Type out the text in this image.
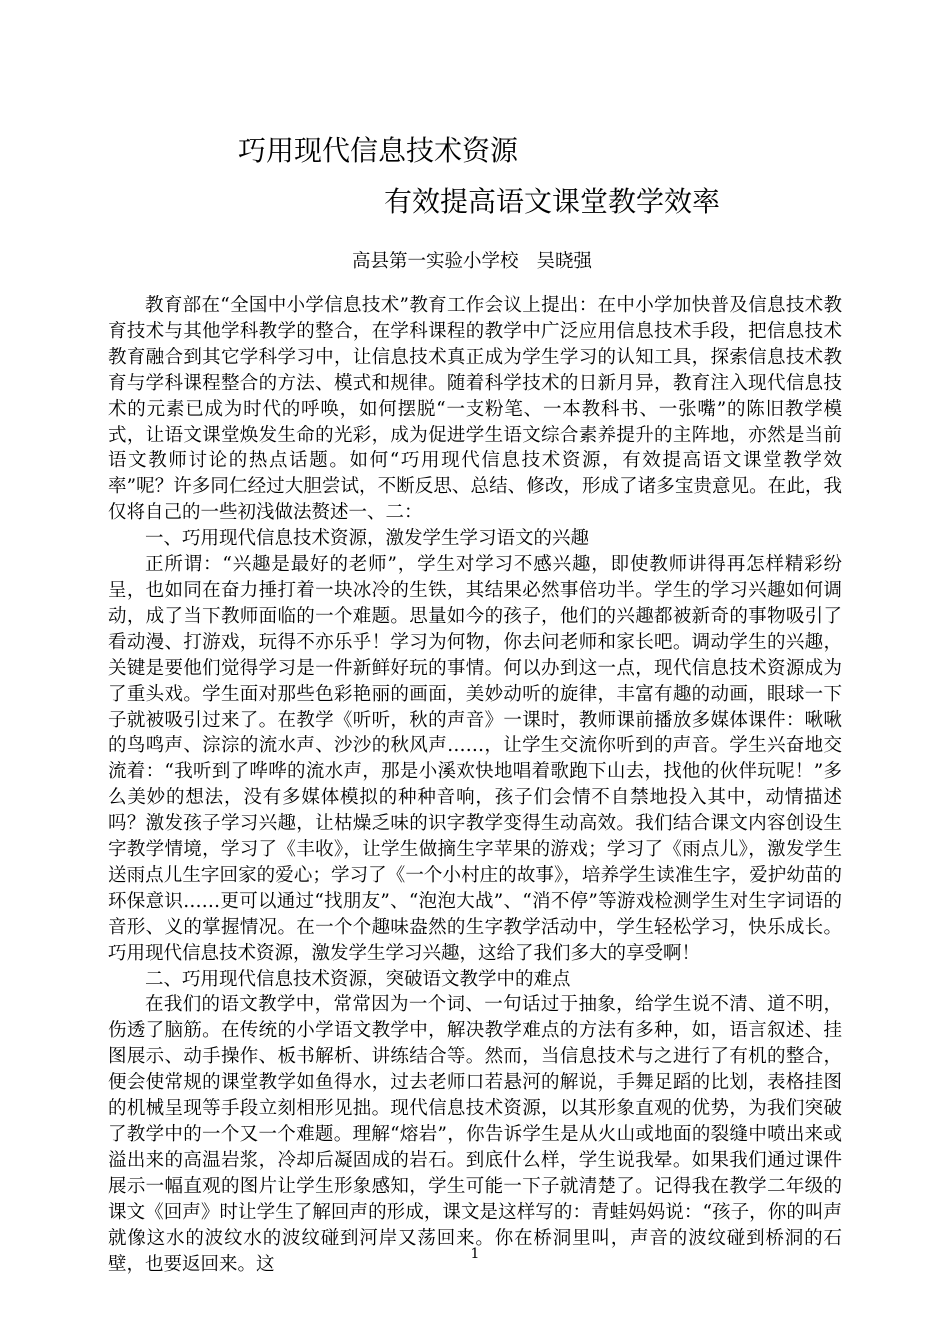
巧用现代信息技术资源
有效提高语文课堂教学效率
高县第一实验小学校 吴晓强

教育部在“全国中小学信息技术”教育工作会议上提出：在中小学加快普及信息技术教育技术与其他学科教学的整合，在学科课程的教学中广泛应用信息技术手段，把信息技术教育融合到其它学科学习中，让信息技术真正成为学生学习的认知工具，探索信息技术教育与学科课程整合的方法、模式和规律。随着科学技术的日新月异，教育注入现代信息技术的元素已成为时代的呼唤，如何摆脱“一支粉笔、一本教科书、一张嘴”的陈旧教学模式，让语文课堂焕发生命的光彩，成为促进学生语文综合素养提升的主阵地，亦然是当前语文教师讨论的热点话题。如何“巧用现代信息技术资源，有效提高语文课堂教学效率”呢？许多同仁经过大胆尝试，不断反思、总结、修改，形成了诸多宝贵意见。在此，我仅将自己的一些初浅做法赘述一、二：

一、巧用现代信息技术资源，激发学生学习语文的兴趣

正所谓：“兴趣是最好的老师”，学生对学习不感兴趣，即使教师讲得再怎样精彩纷呈，也如同在奋力捶打着一块冰冷的生铁，其结果必然事倍功半。学生的学习兴趣如何调动，成了当下教师面临的一个难题。思量如今的孩子，他们的兴趣都被新奇的事物吸引了看动漫、打游戏，玩得不亦乐乎！学习为何物，你去问老师和家长吧。调动学生的兴趣，关键是要他们觉得学习是一件新鲜好玩的事情。何以办到这一点，现代信息技术资源成为了重头戏。学生面对那些色彩艳丽的画面，美妙动听的旋律，丰富有趣的动画，眼球一下子就被吸引过来了。在教学《听听，秋的声音》一课时，教师课前播放多媒体课件：啾啾的鸟鸣声、淙淙的流水声、沙沙的秋风声……，让学生交流你听到的声音。学生兴奋地交流着：“我听到了哗哗的流水声，那是小溪欢快地唱着歌跑下山去，找他的伙伴玩呢！”多么美妙的想法，没有多媒体模拟的种种音响，孩子们会情不自禁地投入其中，动情描述吗？激发孩子学习兴趣，让枯燥乏味的识字教学变得生动高效。我们结合课文内容创设生字教学情境，学习了《丰收》，让学生做摘生字苹果的游戏；学习了《雨点儿》，激发学生送雨点儿生字回家的爱心；学习了《一个小村庄的故事》，培养学生读准生字，爱护幼苗的环保意识……更可以通过“找朋友”、“泡泡大战”、“消不停”等游戏检测学生对生字词语的音形、义的掌握情况。在一个个趣味盎然的生字教学活动中，学生轻松学习，快乐成长。巧用现代信息技术资源，激发学生学习兴趣，这给了我们多大的享受啊！

二、巧用现代信息技术资源，突破语文教学中的难点

在我们的语文教学中，常常因为一个词、一句话过于抽象，给学生说不清、道不明，伤透了脑筋。在传统的小学语文教学中，解决教学难点的方法有多种，如，语言叙述、挂图展示、动手操作、板书解析、讲练结合等。然而，当信息技术与之进行了有机的整合，便会使常规的课堂教学如鱼得水，过去老师口若悬河的解说，手舞足蹈的比划，表格挂图的机械呈现等手段立刻相形见拙。现代信息技术资源，以其形象直观的优势，为我们突破了教学中的一个又一个难题。理解“熔岩”，你告诉学生是从火山或地面的裂缝中喷出来或溢出来的高温岩浆，冷却后凝固成的岩石。到底什么样，学生说我晕。如果我们通过课件展示一幅直观的图片让学生形象感知，学生可能一下子就清楚了。记得我在教学二年级的课文《回声》时让学生了解回声的形成，课文是这样写的：青蛙妈妈说：“孩子，你的叫声就像这水的波纹水的波纹碰到河岸又荡回来。你在桥洞里叫，声音的波纹碰到桥洞的石壁，也要返回来。这	1
